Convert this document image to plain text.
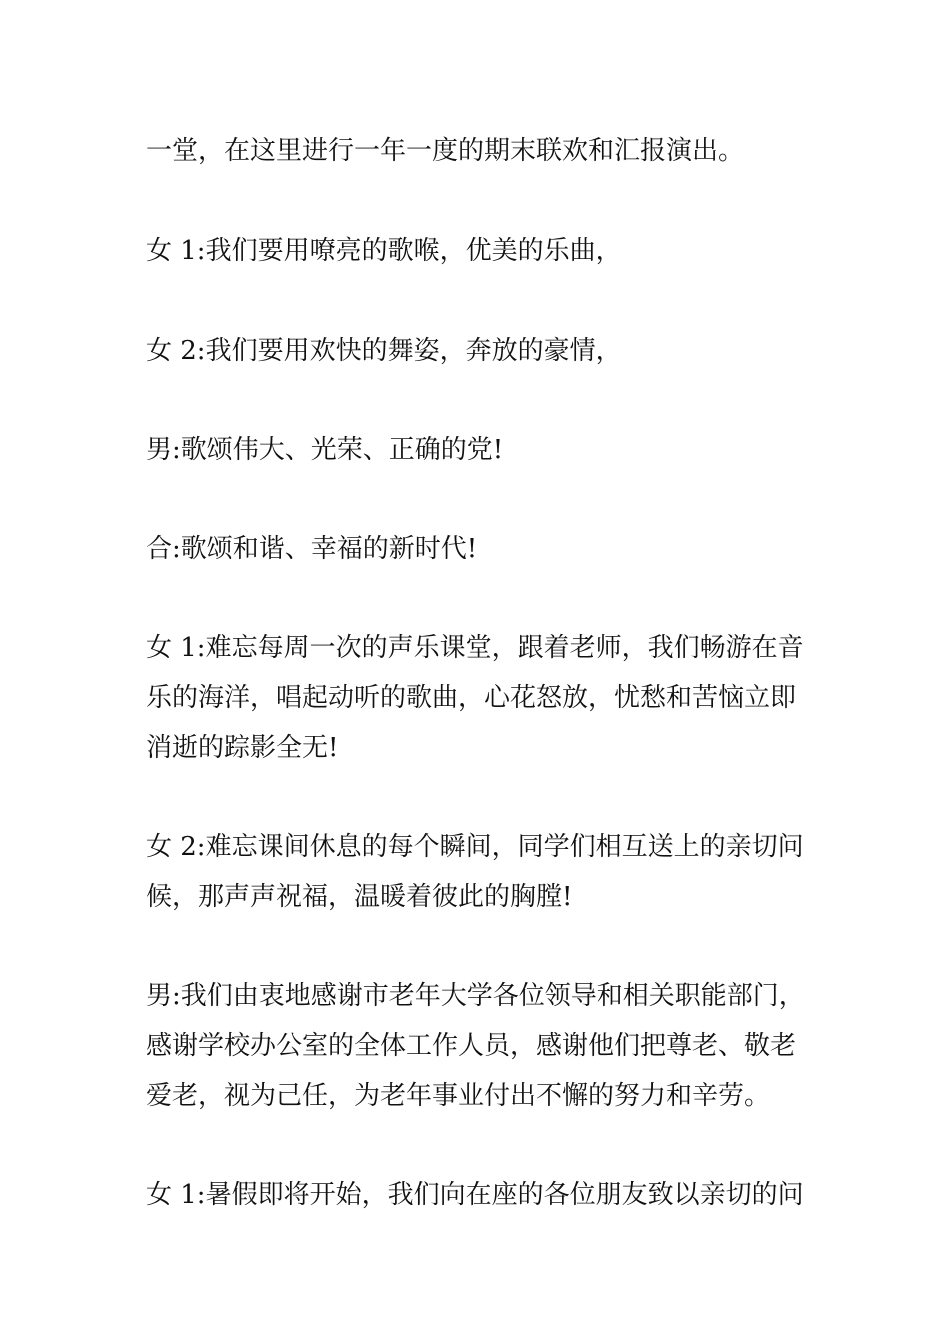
一堂，在这里进行一年一度的期末联欢和汇报演出。

女 1:我们要用嘹亮的歌喉，优美的乐曲，

女 2:我们要用欢快的舞姿，奔放的豪情，

男:歌颂伟大、光荣、正确的党!

合:歌颂和谐、幸福的新时代!

女 1:难忘每周一次的声乐课堂，跟着老师，我们畅游在音
乐的海洋，唱起动听的歌曲，心花怒放，忧愁和苦恼立即
消逝的踪影全无!

女 2:难忘课间休息的每个瞬间，同学们相互送上的亲切问
候，那声声祝福，温暖着彼此的胸膛!

男:我们由衷地感谢市老年大学各位领导和相关职能部门，
感谢学校办公室的全体工作人员，感谢他们把尊老、敬老
爱老，视为己任，为老年事业付出不懈的努力和辛劳。

女 1:暑假即将开始，我们向在座的各位朋友致以亲切的问
